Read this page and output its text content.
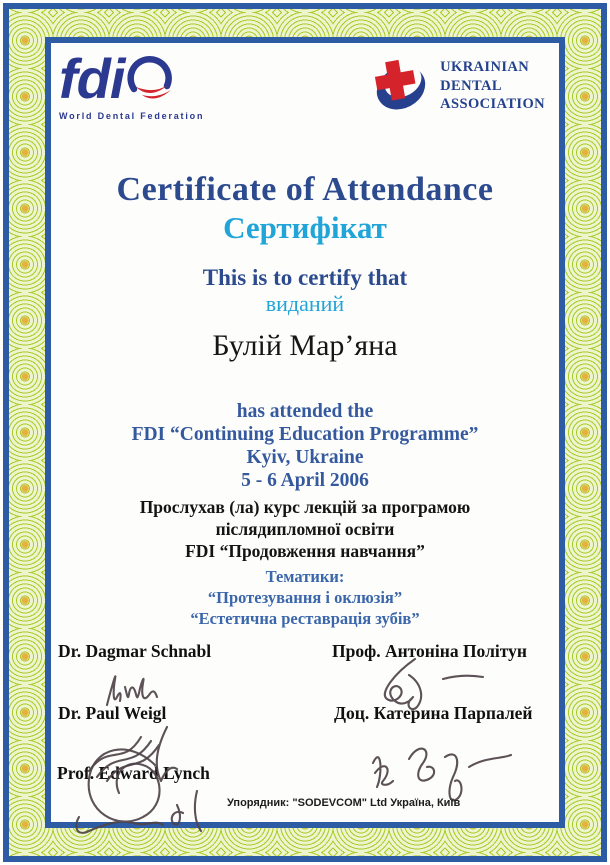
fdi
World Dental Federation
UKRAINIAN
DENTAL
ASSOCIATION
Certificate of Attendance
Сертифікат
This is to certify that
виданий
Булій Мар’яна
has attended the
FDI “Continuing Education Programme”
Kyiv, Ukraine
5 - 6 April 2006
Прослухав (ла) курс лекцій за програмою
післядипломної освіти
FDI “Продовження навчання”
Тематики:
“Протезування і оклюзія”
“Естетична реставрація зубів”
Dr. Dagmar Schnabl
Dr. Paul Weigl
Prof. Edward Lynch
Проф. Антоніна Політун
Доц. Катерина Парпалей
Упорядник: "SODEVCOM" Ltd Україна, Київ
